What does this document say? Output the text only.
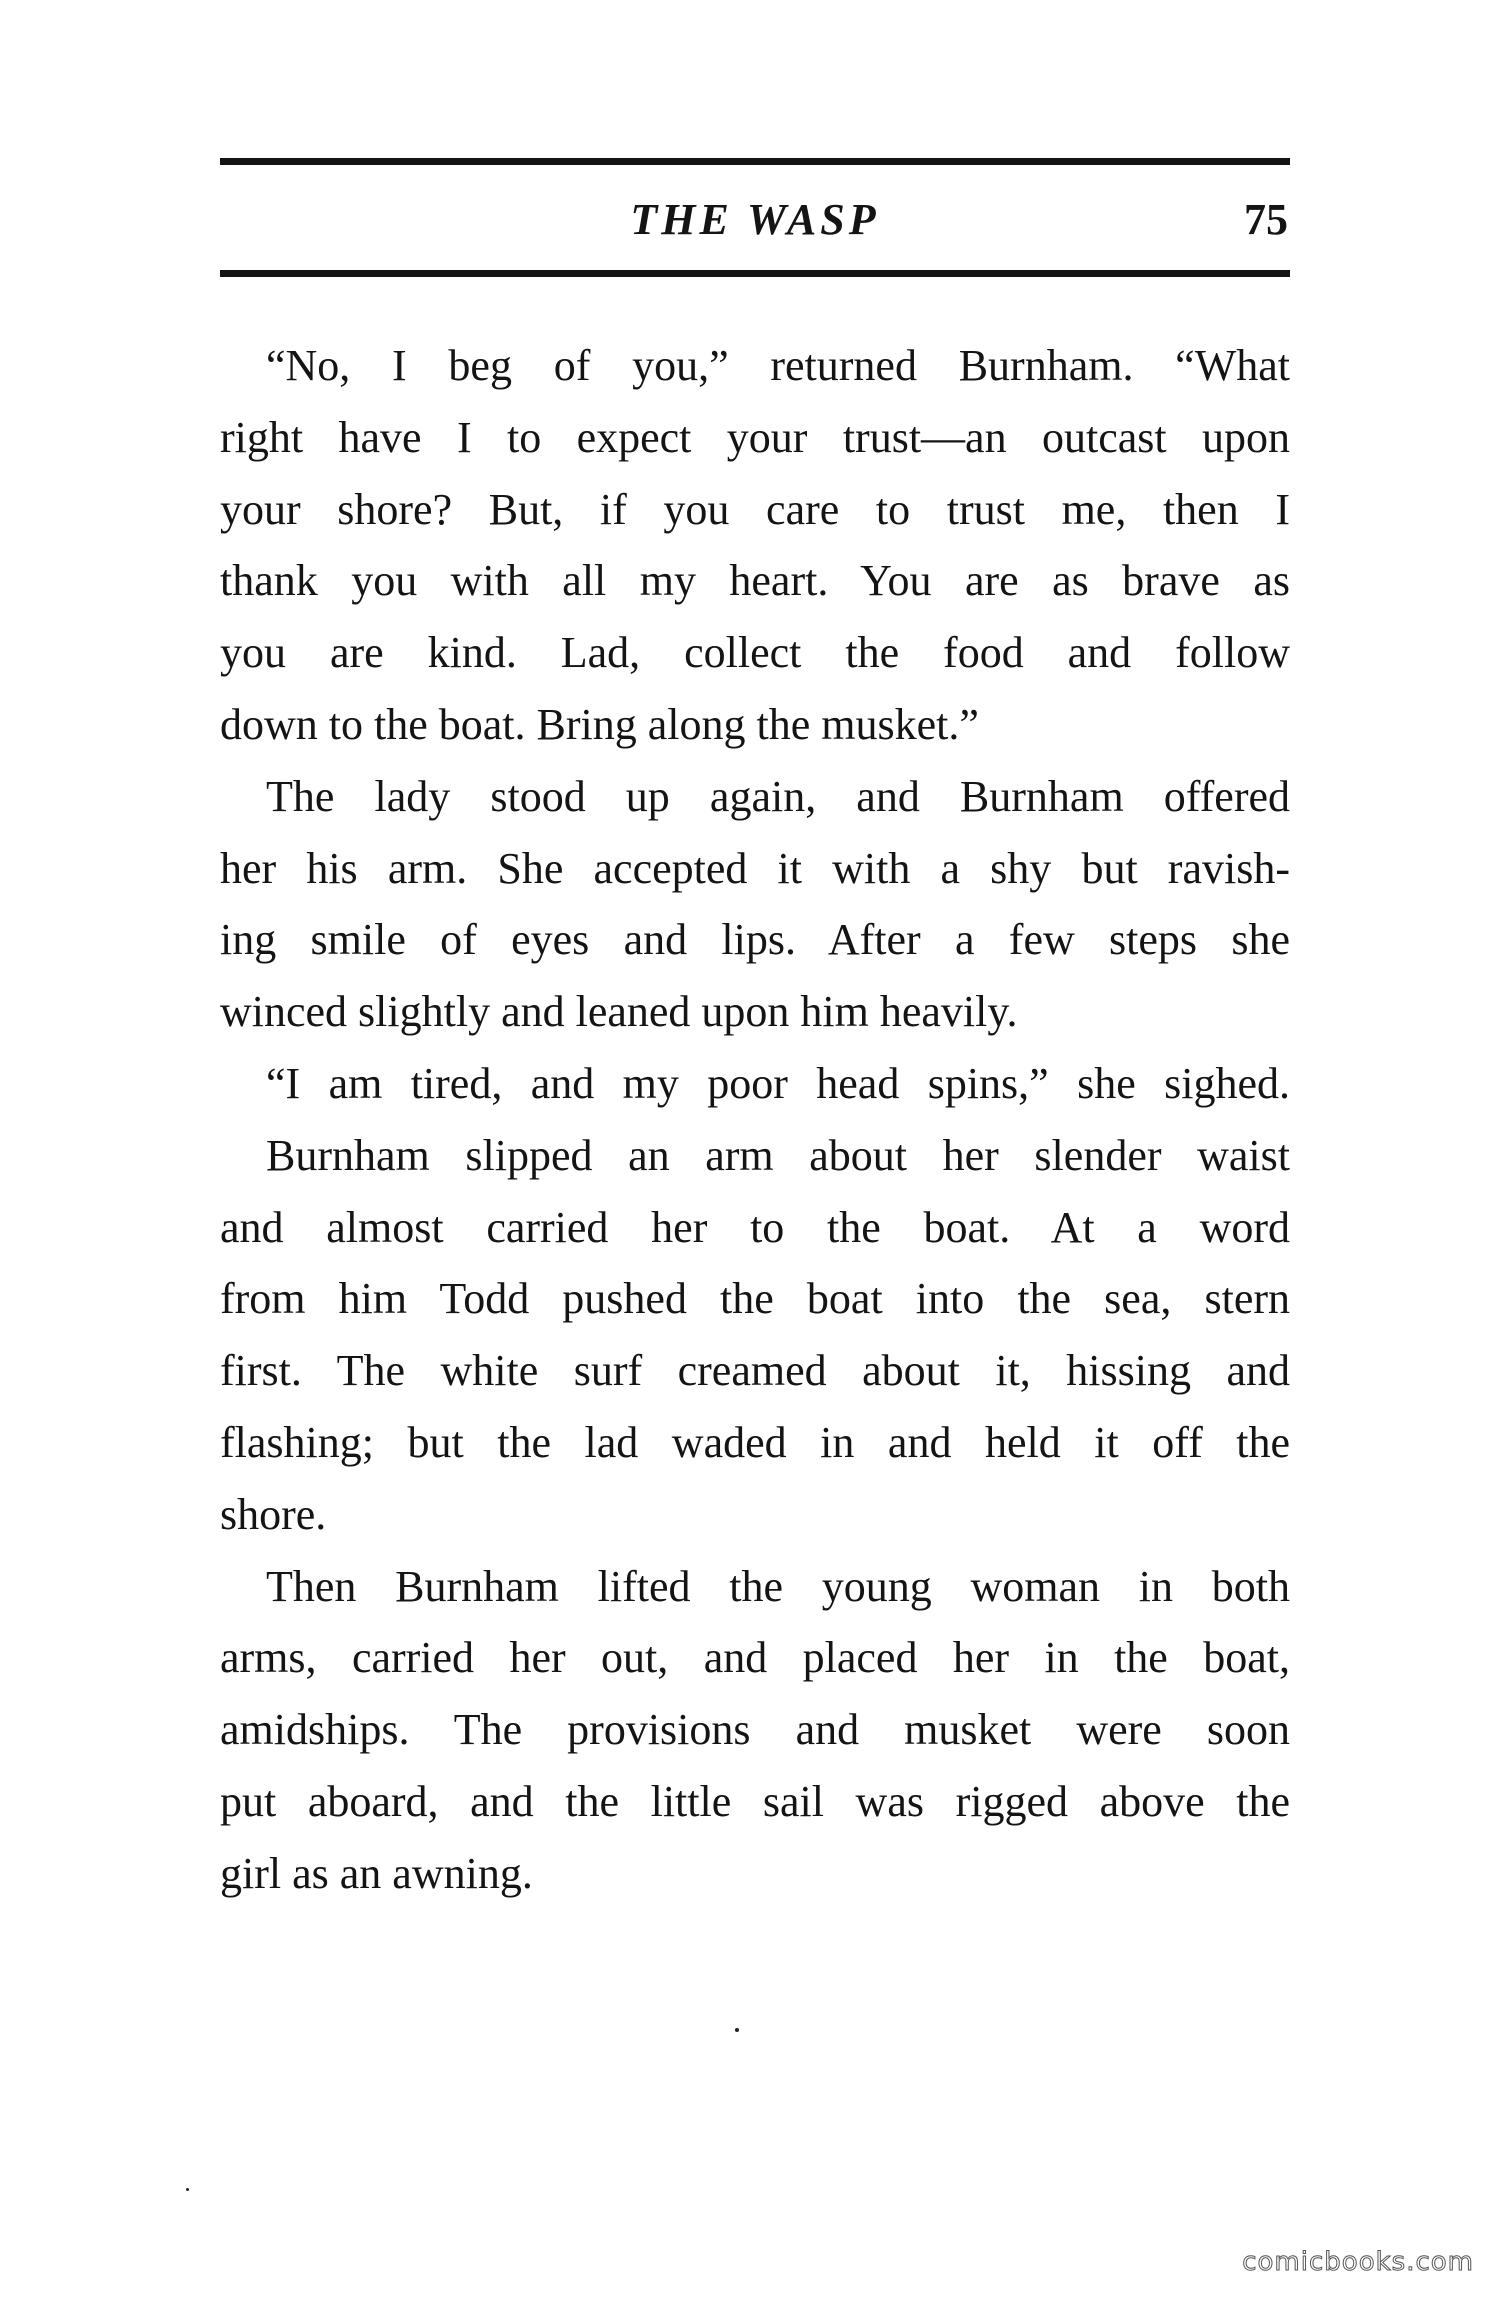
THE WASP	75
“No, I beg of you,” returned Burnham. “What
right have I to expect your trust—an outcast upon
your shore? But, if you care to trust me, then I
thank you with all my heart. You are as brave as
you are kind. Lad, collect the food and follow
down to the boat. Bring along the musket.”
The lady stood up again, and Burnham offered
her his arm. She accepted it with a shy but ravish-
ing smile of eyes and lips. After a few steps she
winced slightly and leaned upon him heavily.
“I am tired, and my poor head spins,” she sighed.
Burnham slipped an arm about her slender waist
and almost carried her to the boat. At a word
from him Todd pushed the boat into the sea, stern
first. The white surf creamed about it, hissing and
flashing; but the lad waded in and held it off the
shore.
Then Burnham lifted the young woman in both
arms, carried her out, and placed her in the boat,
amidships. The provisions and musket were soon
put aboard, and the little sail was rigged above the
girl as an awning.
comicbooks.com
